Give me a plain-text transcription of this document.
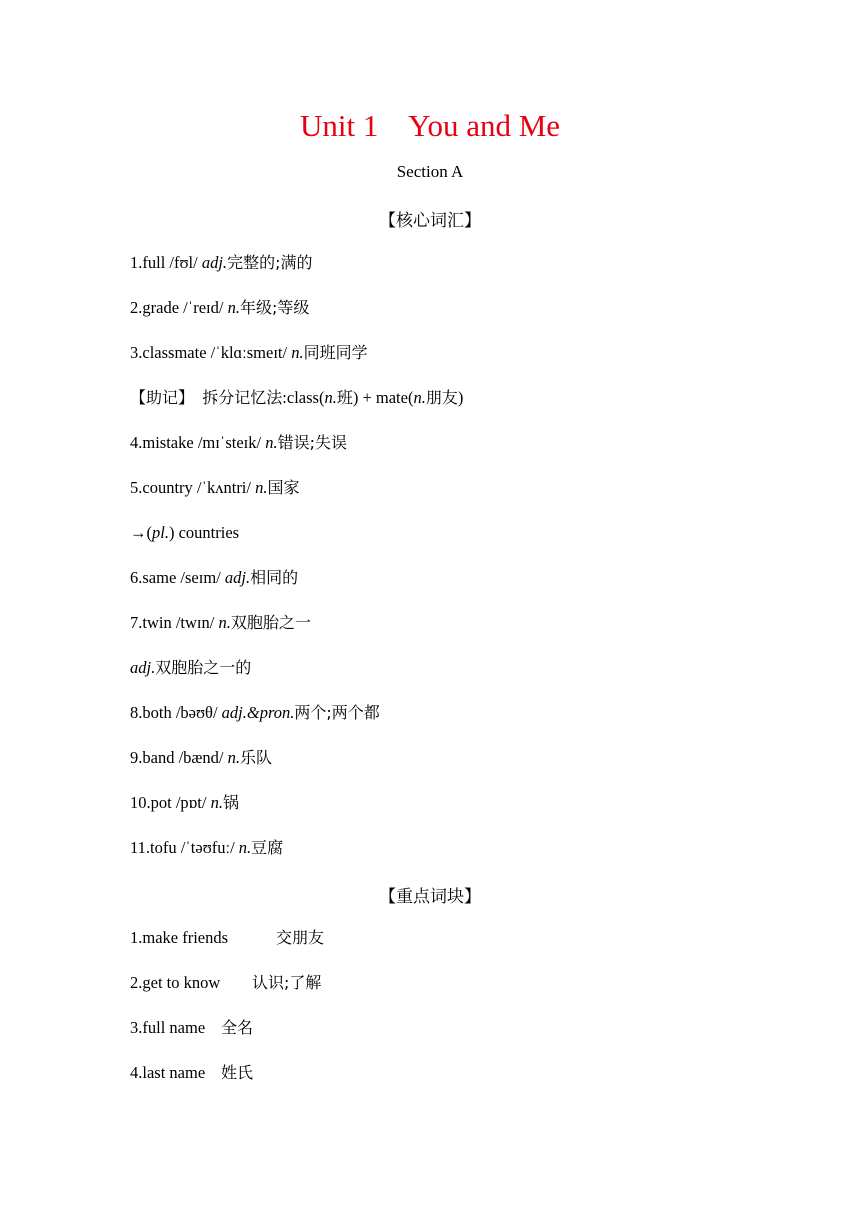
Unit 1    You and Me
Section A
【核心词汇】
1.full /fʊl/ adj.完整的;满的
2.grade /ˈreɪd/ n.年级;等级
3.classmate /ˈklɑːsmeɪt/ n.同班同学
【助记】 拆分记忆法:class(n.班) + mate(n.朋友)
4.mistake /mɪˈsteɪk/ n.错误;失误
5.country /ˈkʌntri/ n.国家
→(pl.) countries
6.same /seɪm/ adj.相同的
7.twin /twɪn/ n.双胞胎之一
adj.双胞胎之一的
8.both /bəʊθ/ adj.&pron.两个;两个都
9.band /bænd/ n.乐队
10.pot /pɒt/ n.锅
11.tofu /ˈtəʊfuː/ n.豆腐
【重点词块】
1.make friends	交朋友
2.get to know 认识;了解
3.full name 全名
4.last name 姓氏
